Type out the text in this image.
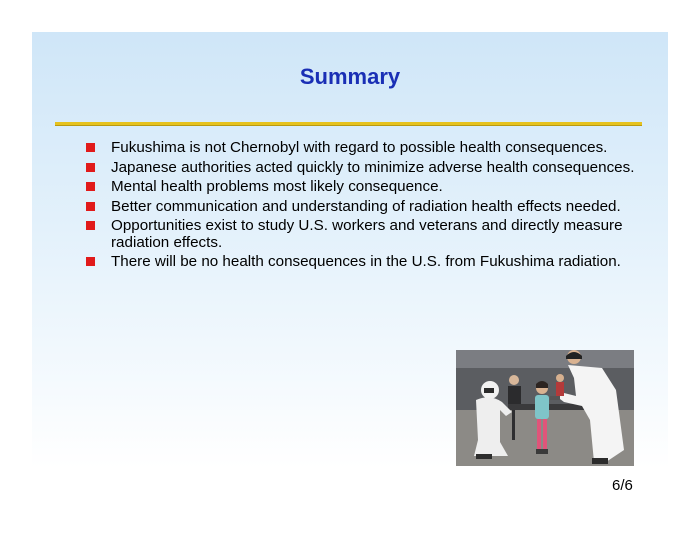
Summary
Fukushima is not Chernobyl with regard to possible health consequences.
Japanese authorities acted quickly to minimize adverse health consequences.
Mental health problems most likely consequence.
Better communication and understanding of radiation health effects needed.
Opportunities exist to study U.S. workers and veterans and directly measure radiation effects.
There will be no health consequences in the U.S. from Fukushima radiation.
6/6
